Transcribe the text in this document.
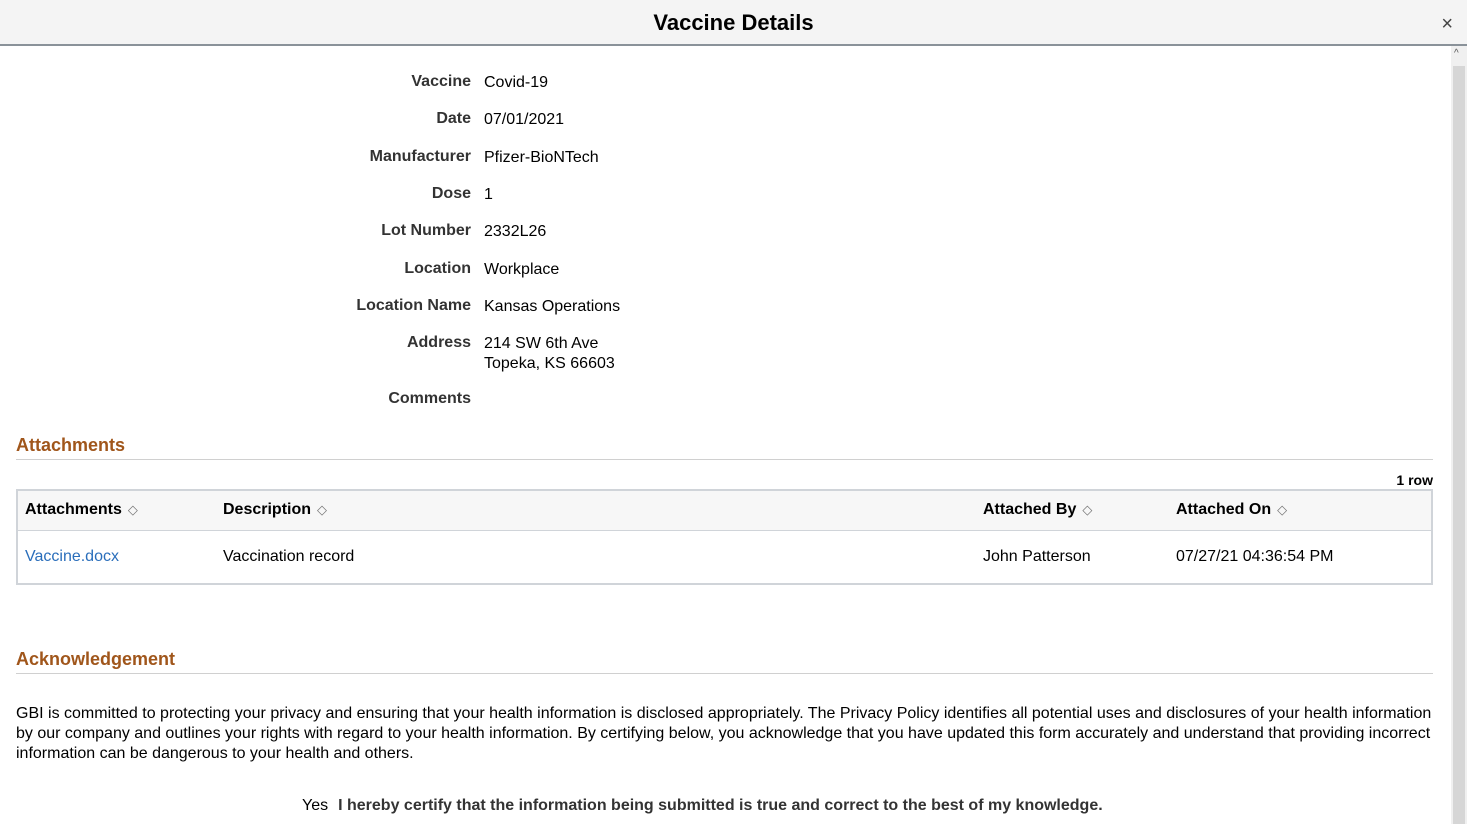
Vaccine Details	×
^
Vaccine Covid-19
Date 07/01/2021
Manufacturer Pfizer-BioNTech
Dose 1
Lot Number 2332L26
Location Workplace
Location Name Kansas Operations
Address 214 SW 6th Ave
Topeka, KS 66603
Comments
Attachments
1 row
Attachments ◇	Description ◇	Attached By ◇	Attached On ◇
Vaccine.docx	Vaccination record	John Patterson	07/27/21 04:36:54 PM
Acknowledgement
GBI is committed to protecting your privacy and ensuring that your health information is disclosed appropriately. The Privacy Policy identifies all potential uses and disclosures of your health information by our company and outlines your rights with regard to your health information. By certifying below, you acknowledge that you have updated this form accurately and understand that providing incorrect information can be dangerous to your health and others.
Yes I hereby certify that the information being submitted is true and correct to the best of my knowledge.
